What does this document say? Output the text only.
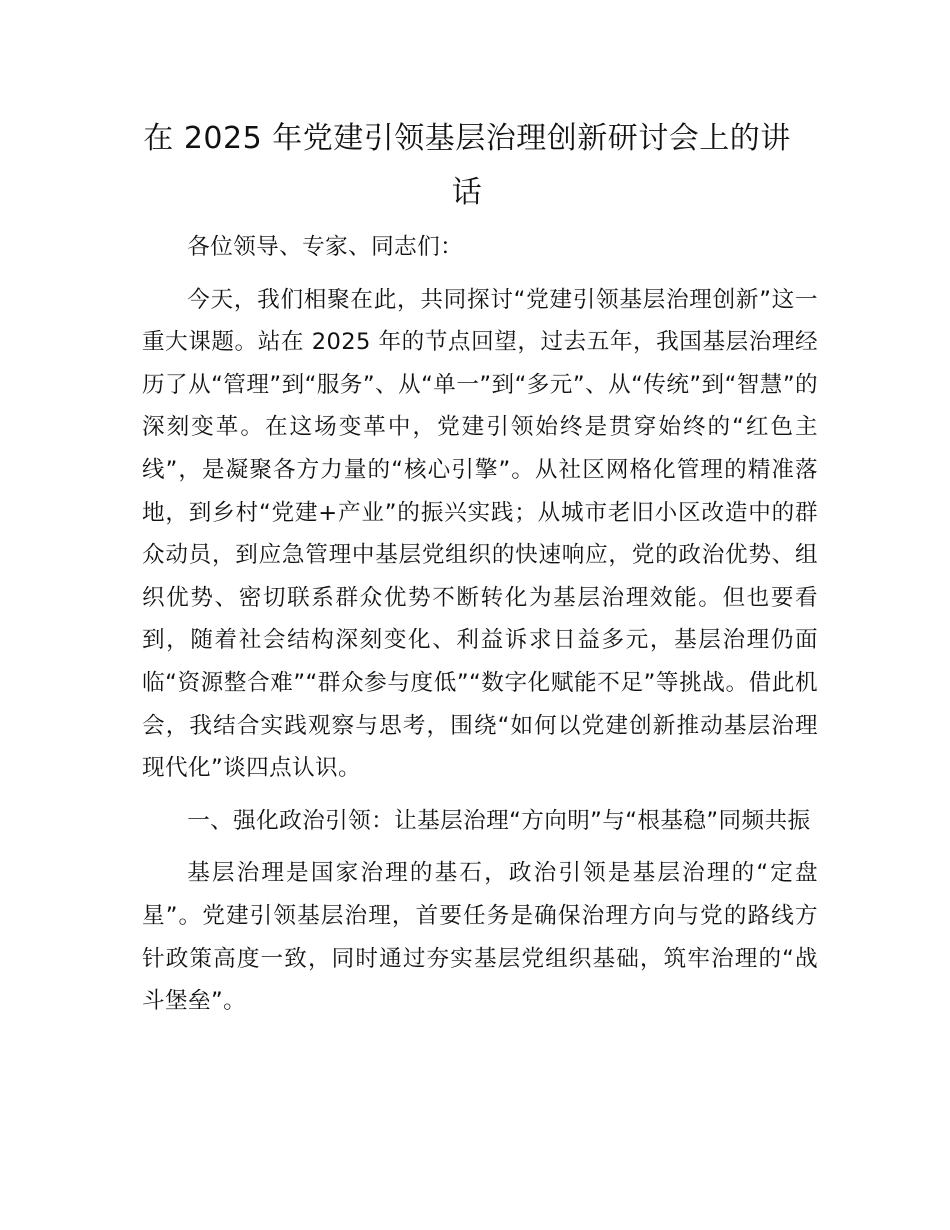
在 2025 年党建引领基层治理创新研讨会上的讲话

各位领导、专家、同志们：

今天，我们相聚在此，共同探讨“党建引领基层治理创新”这一重大课题。站在 2025 年的节点回望，过去五年，我国基层治理经历了从“管理”到“服务”、从“单一”到“多元”、从“传统”到“智慧”的深刻变革。在这场变革中，党建引领始终是贯穿始终的“红色主线”，是凝聚各方力量的“核心引擎”。从社区网格化管理的精准落地，到乡村“党建+产业”的振兴实践；从城市老旧小区改造中的群众动员，到应急管理中基层党组织的快速响应，党的政治优势、组织优势、密切联系群众优势不断转化为基层治理效能。但也要看到，随着社会结构深刻变化、利益诉求日益多元，基层治理仍面临“资源整合难”“群众参与度低”“数字化赋能不足”等挑战。借此机会，我结合实践观察与思考，围绕“如何以党建创新推动基层治理现代化”谈四点认识。

一、强化政治引领：让基层治理“方向明”与“根基稳”同频共振

基层治理是国家治理的基石，政治引领是基层治理的“定盘星”。党建引领基层治理，首要任务是确保治理方向与党的路线方针政策高度一致，同时通过夯实基层党组织基础，筑牢治理的“战斗堡垒”。
